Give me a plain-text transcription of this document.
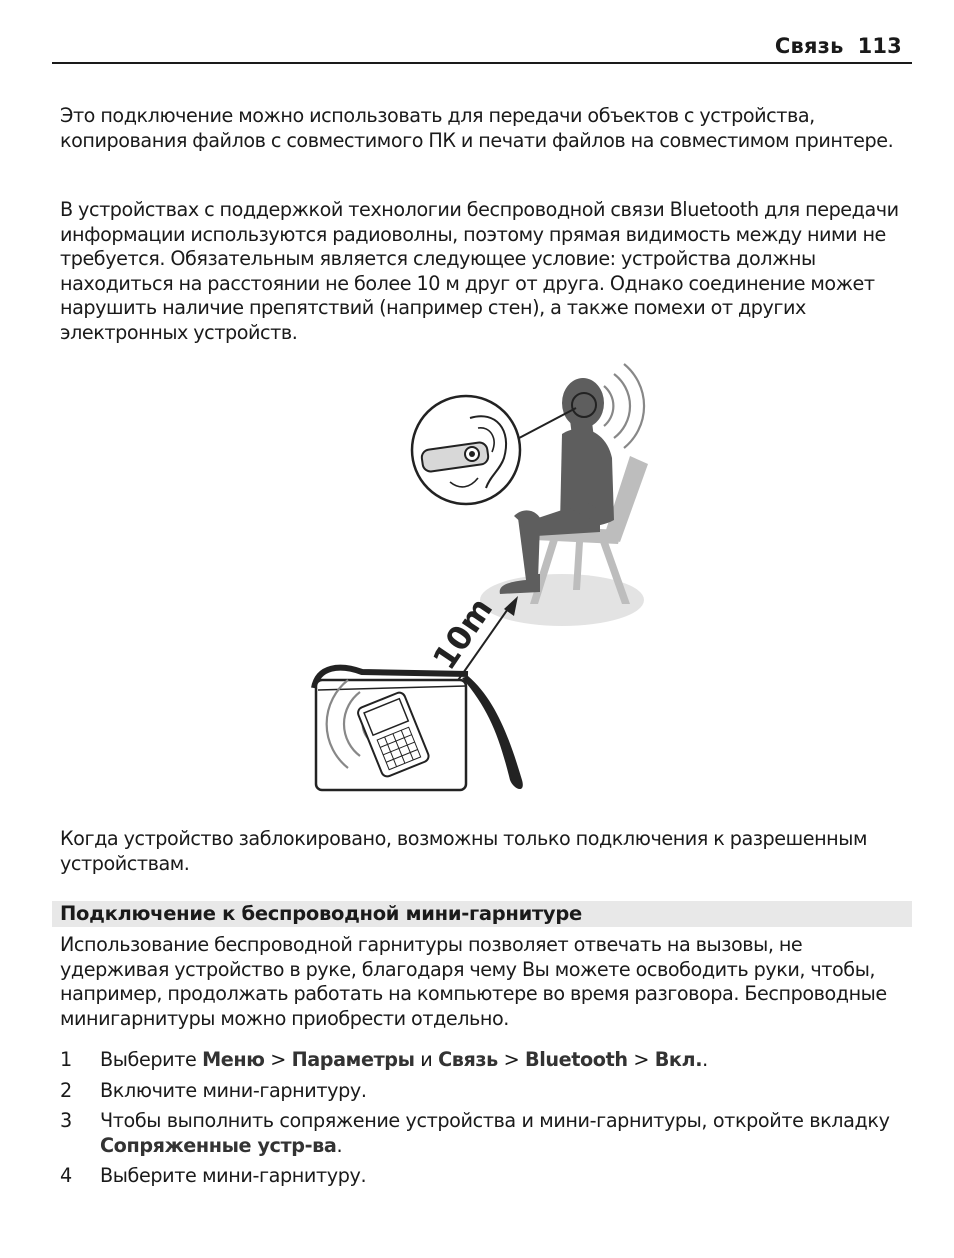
Связь 113

Это подключение можно использовать для передачи объектов с устройства, копирования файлов с совместимого ПК и печати файлов на совместимом принтере.

В устройствах с поддержкой технологии беспроводной связи Bluetooth для передачи информации используются радиоволны, поэтому прямая видимость между ними не требуется. Обязательным является следующее условие: устройства должны находиться на расстоянии не более 10 м друг от друга. Однако соединение может нарушить наличие препятствий (например стен), а также помехи от других электронных устройств.

10m

Когда устройство заблокировано, возможны только подключения к разрешенным устройствам.

Подключение к беспроводной мини-гарнитуре

Использование беспроводной гарнитуры позволяет отвечать на вызовы, не удерживая устройство в руке, благодаря чему Вы можете освободить руки, чтобы, например, продолжать работать на компьютере во время разговора. Беспроводные минигарнитуры можно приобрести отдельно.

1 Выберите Меню > Параметры и Связь > Bluetooth > Вкл..
2 Включите мини-гарнитуру.
3 Чтобы выполнить сопряжение устройства и мини-гарнитуры, откройте вкладку Сопряженные устр-ва.
4 Выберите мини-гарнитуру.
